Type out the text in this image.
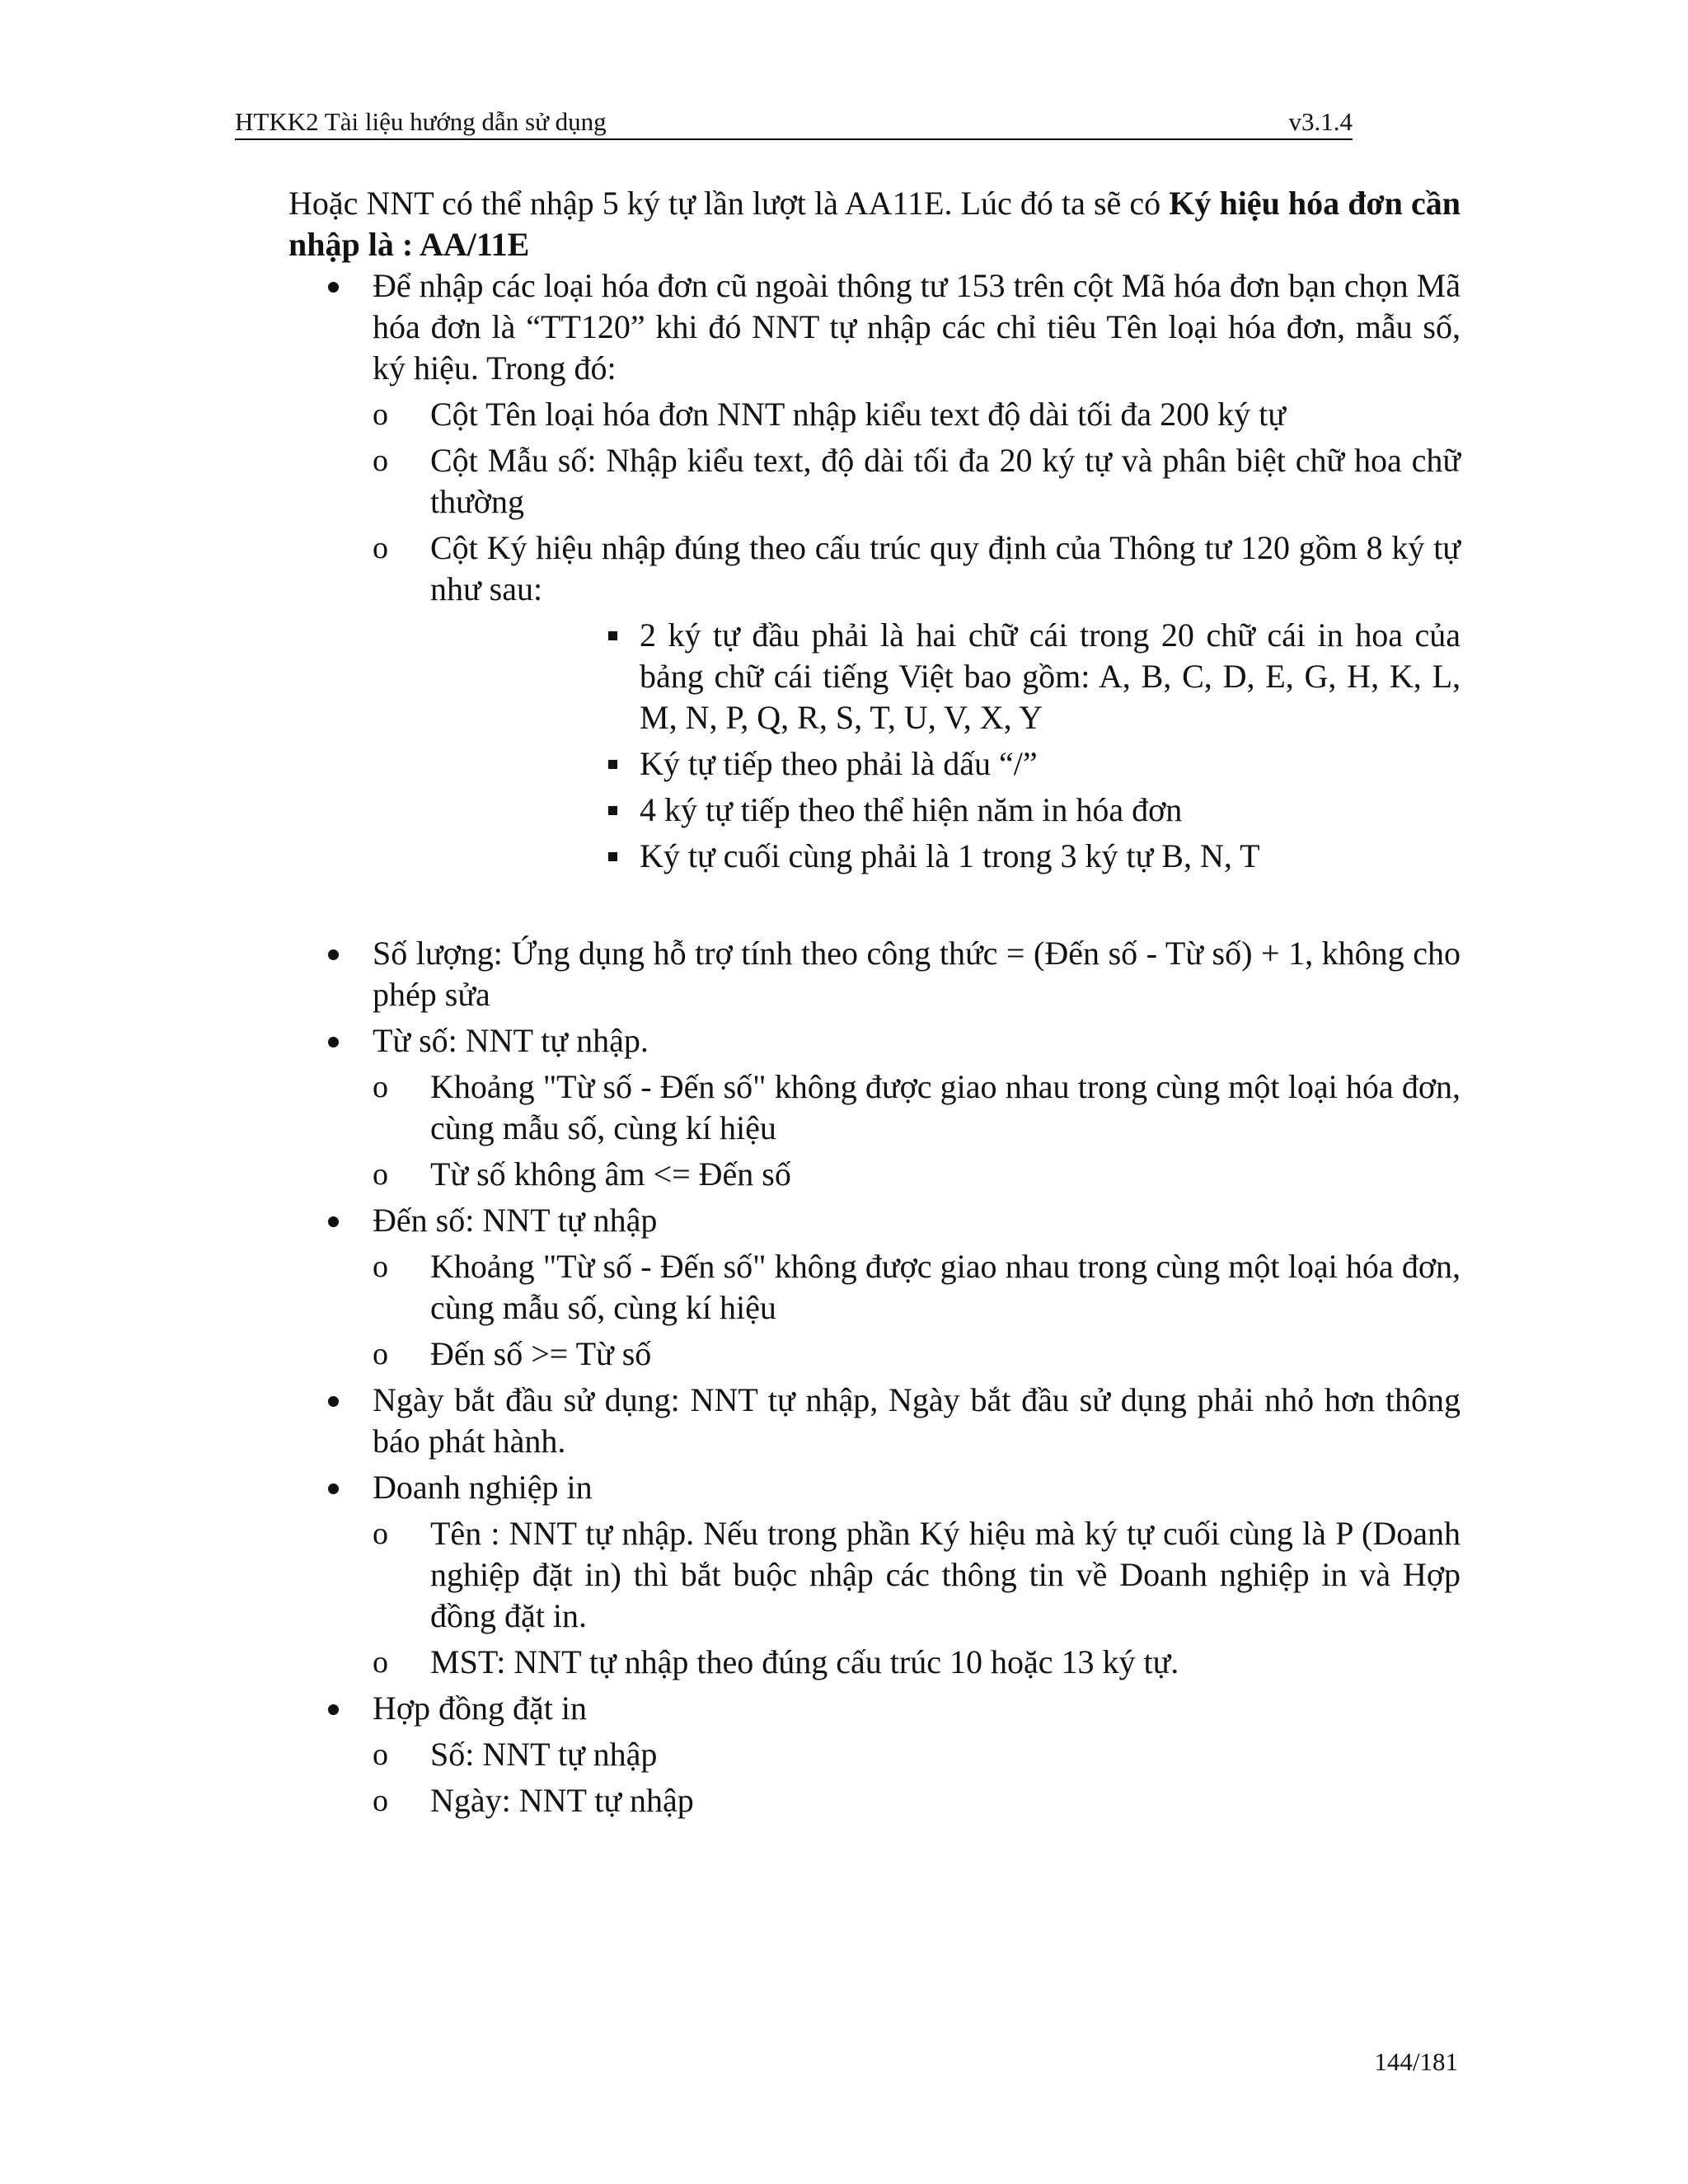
HTKK2 Tài liệu hướng dẫn sử dụng	v3.1.4

Hoặc NNT có thể nhập 5 ký tự lần lượt là AA11E. Lúc đó ta sẽ có Ký hiệu hóa đơn cần nhập là : AA/11E

Để nhập các loại hóa đơn cũ ngoài thông tư 153 trên cột Mã hóa đơn bạn chọn Mã hóa đơn là “TT120” khi đó NNT tự nhập các chỉ tiêu Tên loại hóa đơn, mẫu số, ký hiệu. Trong đó:
o Cột Tên loại hóa đơn NNT nhập kiểu text độ dài tối đa 200 ký tự
o Cột Mẫu số: Nhập kiểu text, độ dài tối đa 20 ký tự và phân biệt chữ hoa chữ thường
o Cột Ký hiệu nhập đúng theo cấu trúc quy định của Thông tư 120 gồm 8 ký tự như sau:
2 ký tự đầu phải là hai chữ cái trong 20 chữ cái in hoa của bảng chữ cái tiếng Việt bao gồm: A, B, C, D, E, G, H, K, L, M, N, P, Q, R, S, T, U, V, X, Y
Ký tự tiếp theo phải là dấu “/”
4 ký tự tiếp theo thể hiện năm in hóa đơn
Ký tự cuối cùng phải là 1 trong 3 ký tự B, N, T
Số lượng: Ứng dụng hỗ trợ tính theo công thức = (Đến số - Từ số) + 1, không cho phép sửa
Từ số: NNT tự nhập.
o Khoảng "Từ số - Đến số" không được giao nhau trong cùng một loại hóa đơn, cùng mẫu số, cùng kí hiệu
o Từ số không âm <= Đến số
Đến số: NNT tự nhập
o Khoảng "Từ số - Đến số" không được giao nhau trong cùng một loại hóa đơn, cùng mẫu số, cùng kí hiệu
o Đến số >= Từ số
Ngày bắt đầu sử dụng: NNT tự nhập, Ngày bắt đầu sử dụng phải nhỏ hơn thông báo phát hành.
Doanh nghiệp in
o Tên : NNT tự nhập. Nếu trong phần Ký hiệu mà ký tự cuối cùng là P (Doanh nghiệp đặt in) thì bắt buộc nhập các thông tin về Doanh nghiệp in và Hợp đồng đặt in.
o MST: NNT tự nhập theo đúng cấu trúc 10 hoặc 13 ký tự.
Hợp đồng đặt in
o Số: NNT tự nhập
o Ngày: NNT tự nhập
144/181
